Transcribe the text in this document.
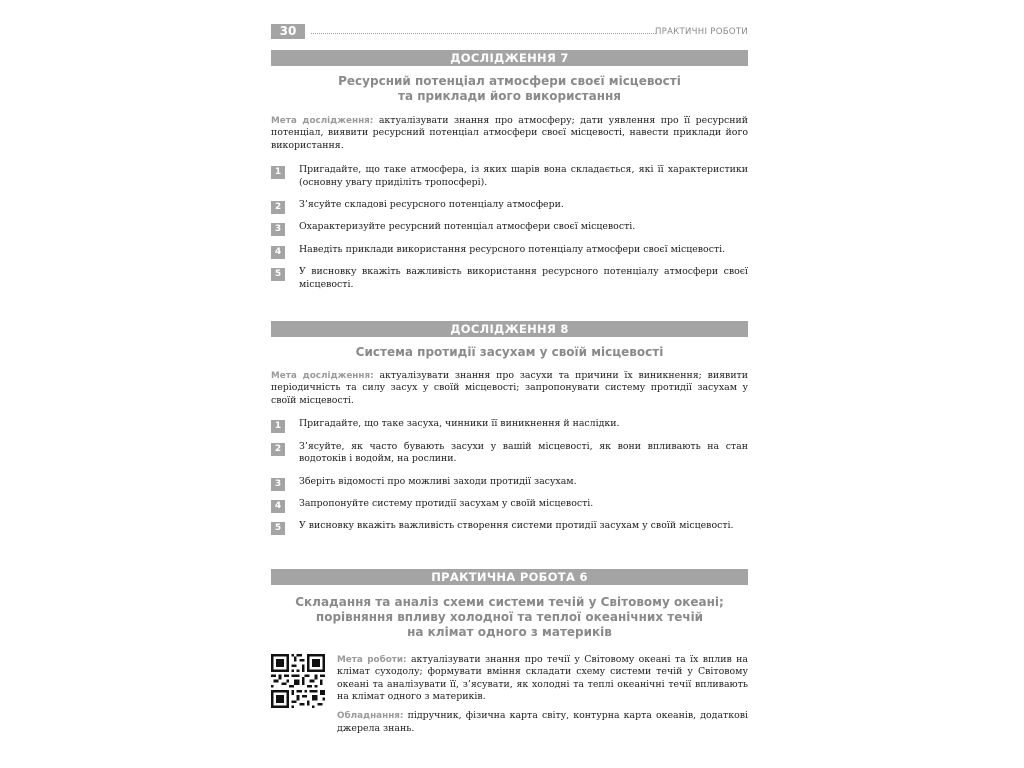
30	ПРАКТИЧНІ РОБОТИ
ДОСЛІДЖЕННЯ 7
Ресурсний потенціал атмосфери своєї місцевості
та приклади його використання
Мета дослідження: актуалізувати знання про атмосферу; дати уявлення про її ресурсний потенціал, виявити ресурсний потенціал атмосфери своєї місцевості, навести приклади його використання.
1	Пригадайте, що таке атмосфера, із яких шарів вона складається, які її характеристики (основну увагу приділіть тропосфері).
2	З’ясуйте складові ресурсного потенціалу атмосфери.
3	Охарактеризуйте ресурсний потенціал атмосфери своєї місцевості.
4	Наведіть приклади використання ресурсного потенціалу атмосфери своєї місцевості.
5	У висновку вкажіть важливість використання ресурсного потенціалу атмосфери своєї місцевості.
ДОСЛІДЖЕННЯ 8
Система протидії засухам у своїй місцевості
Мета дослідження: актуалізувати знання про засухи та причини їх виникнення; виявити періодичність та силу засух у своїй місцевості; запропонувати систему протидії засухам у своїй місцевості.
1	Пригадайте, що таке засуха, чинники її виникнення й наслідки.
2	З’ясуйте, як часто бувають засухи у вашій місцевості, як вони впливають на стан водотоків і водойм, на рослини.
3	Зберіть відомості про можливі заходи протидії засухам.
4	Запропонуйте систему протидії засухам у своїй місцевості.
5	У висновку вкажіть важливість створення системи протидії засухам у своїй місцевості.
ПРАКТИЧНА РОБОТА 6
Складання та аналіз схеми системи течій у Світовому океані;
порівняння впливу холодної та теплої океанічних течій
на клімат одного з материків
Мета роботи: актуалізувати знання про течії у Світовому океані та їх вплив на клімат суходолу; формувати вміння складати схему системи течій у Світовому океані та аналізувати її, з’ясувати, як холодні та теплі океанічні течії впливають на клімат одного з материків.
Обладнання: підручник, фізична карта світу, контурна карта океанів, додаткові джерела знань.
